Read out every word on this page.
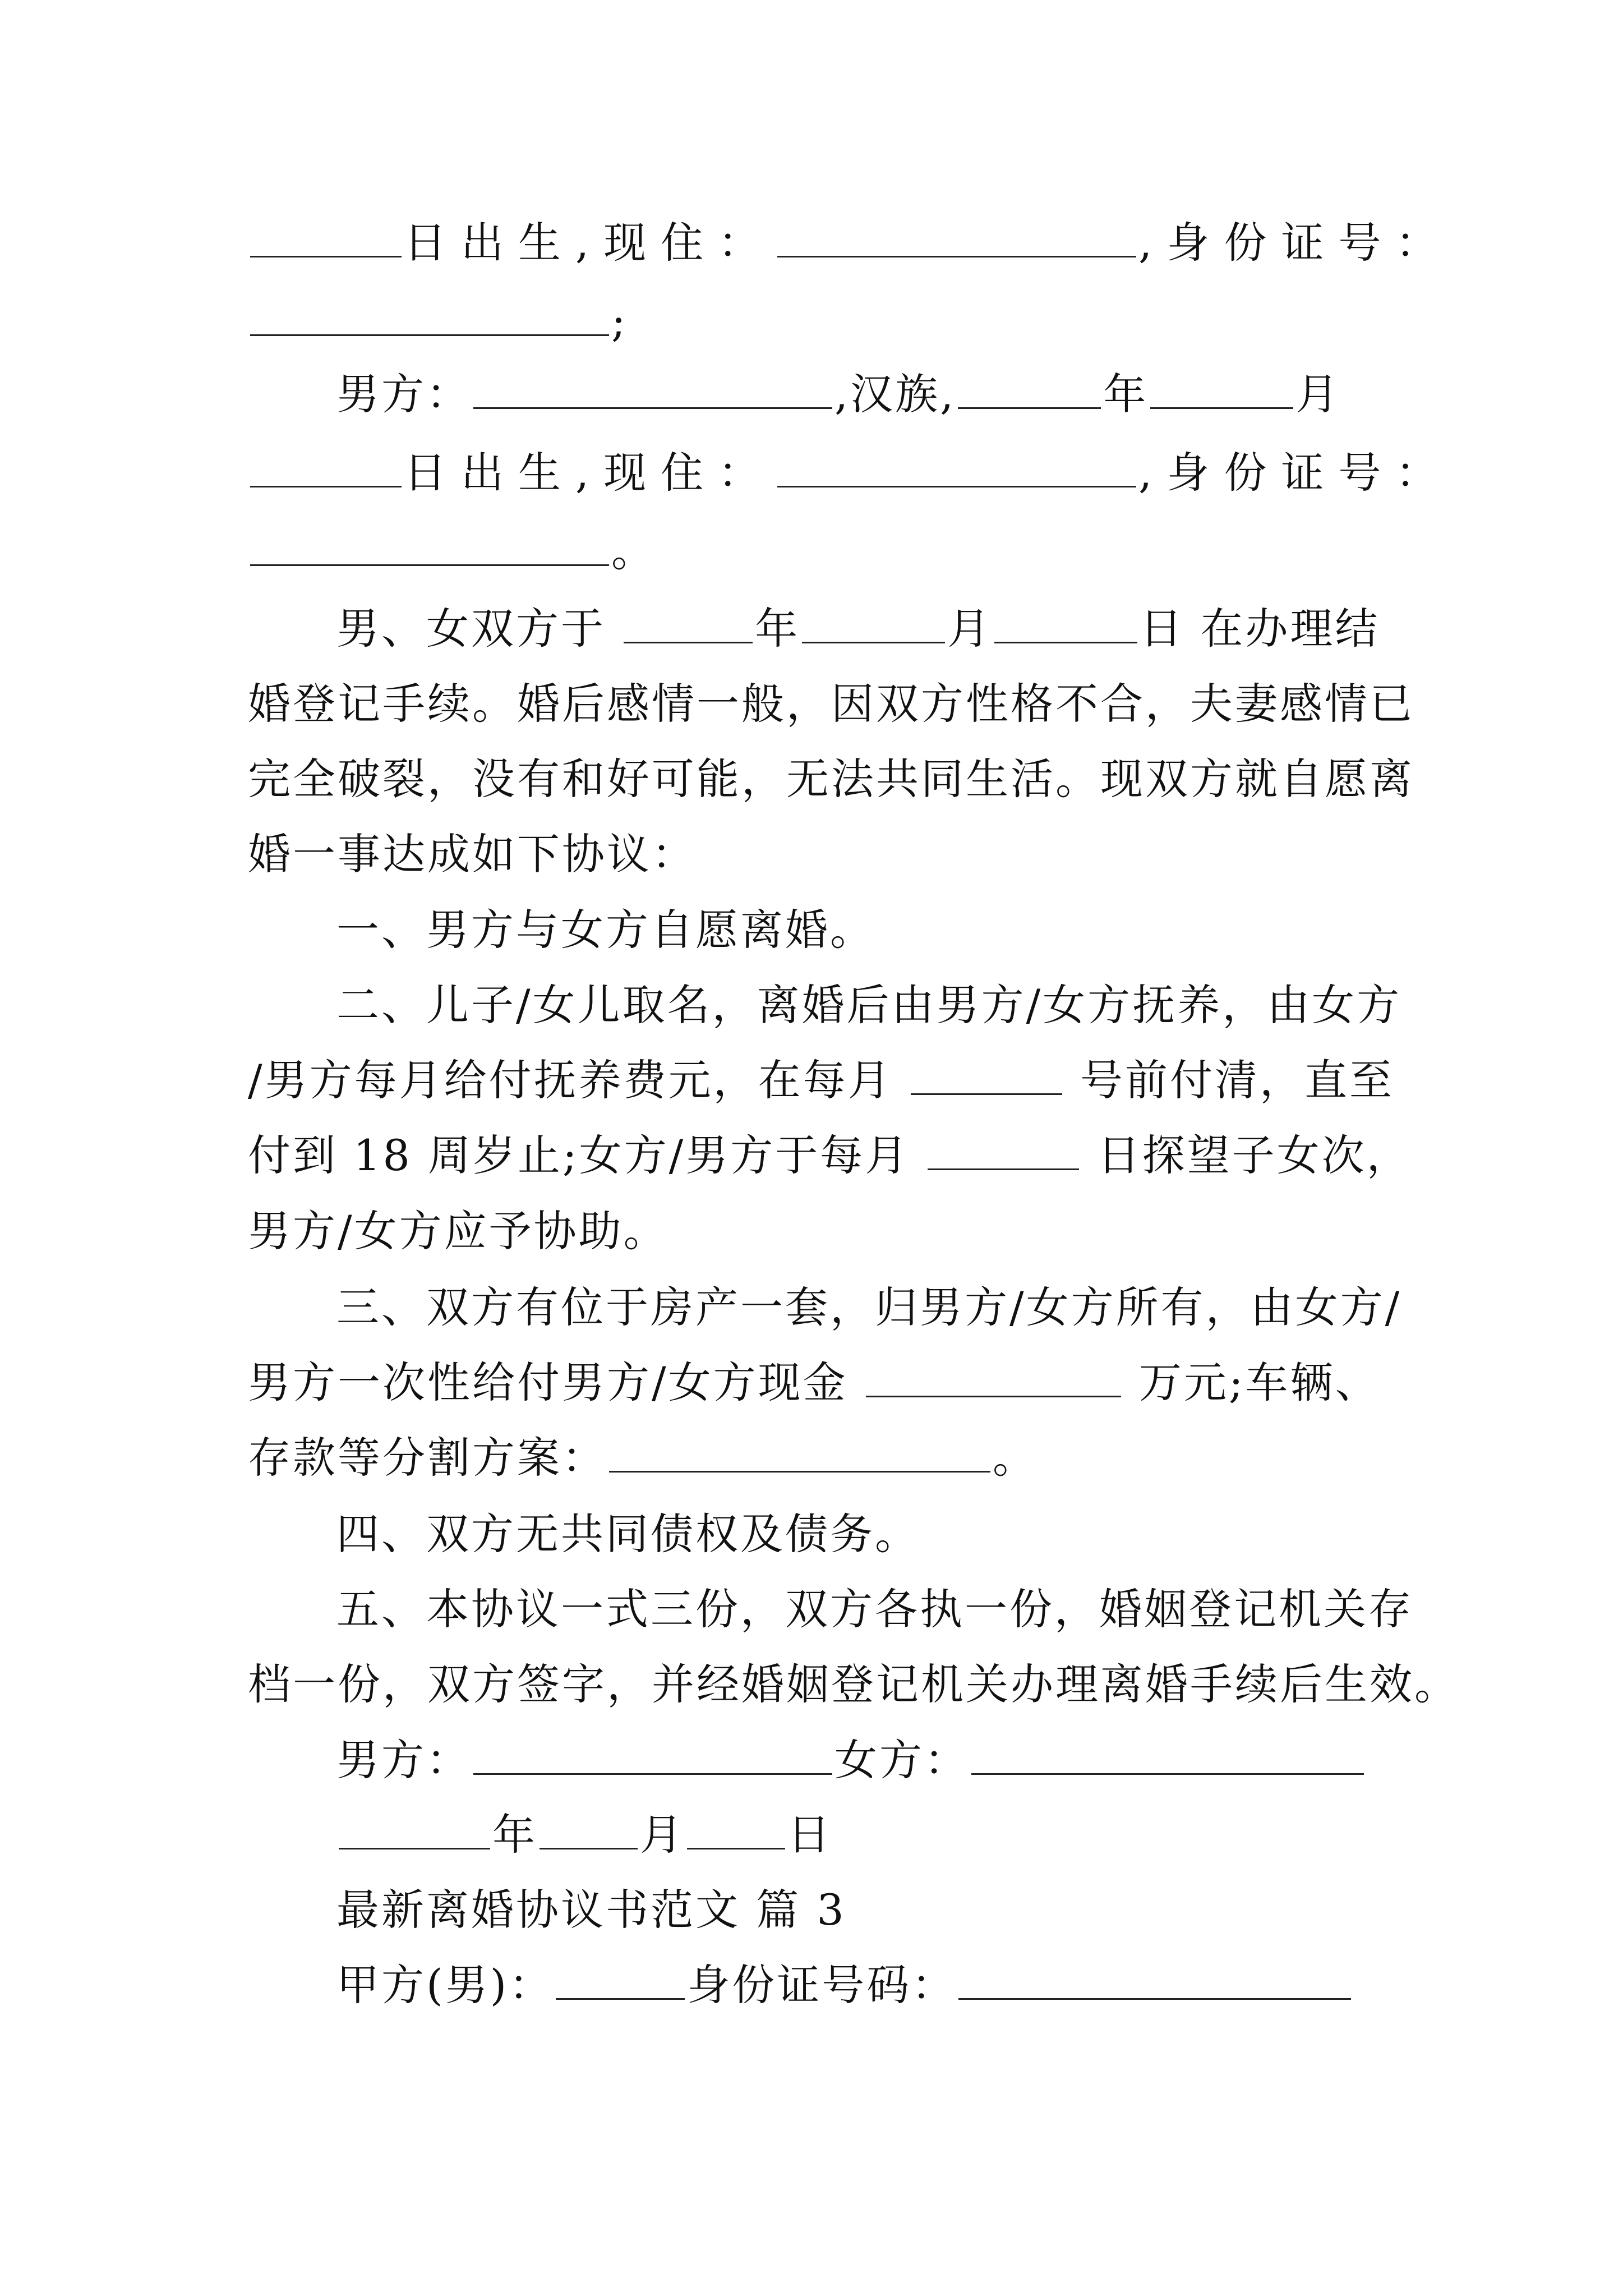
日出生,现住：	,身份证号：
;
男方：	,汉族,	年	月
日出生,现住：	,身份证号：
。
男、女双方于	年	月	日 在办理结
婚登记手续。婚后感情一般，因双方性格不合，夫妻感情已
完全破裂，没有和好可能，无法共同生活。现双方就自愿离
婚一事达成如下协议：
一、男方与女方自愿离婚。
二、儿子/女儿取名，离婚后由男方/女方抚养，由女方
/男方每月给付抚养费元，在每月	号前付清，直至
付到 18 周岁止;女方/男方于每月	日探望子女次，
男方/女方应予协助。
三、双方有位于房产一套，归男方/女方所有，由女方/
男方一次性给付男方/女方现金	万元;车辆、
存款等分割方案：	。
四、双方无共同债权及债务。
五、本协议一式三份，双方各执一份，婚姻登记机关存
档一份，双方签字，并经婚姻登记机关办理离婚手续后生效。
男方：	女方：
年 月 日
最新离婚协议书范文 篇 3
甲方(男)：	身份证号码：
